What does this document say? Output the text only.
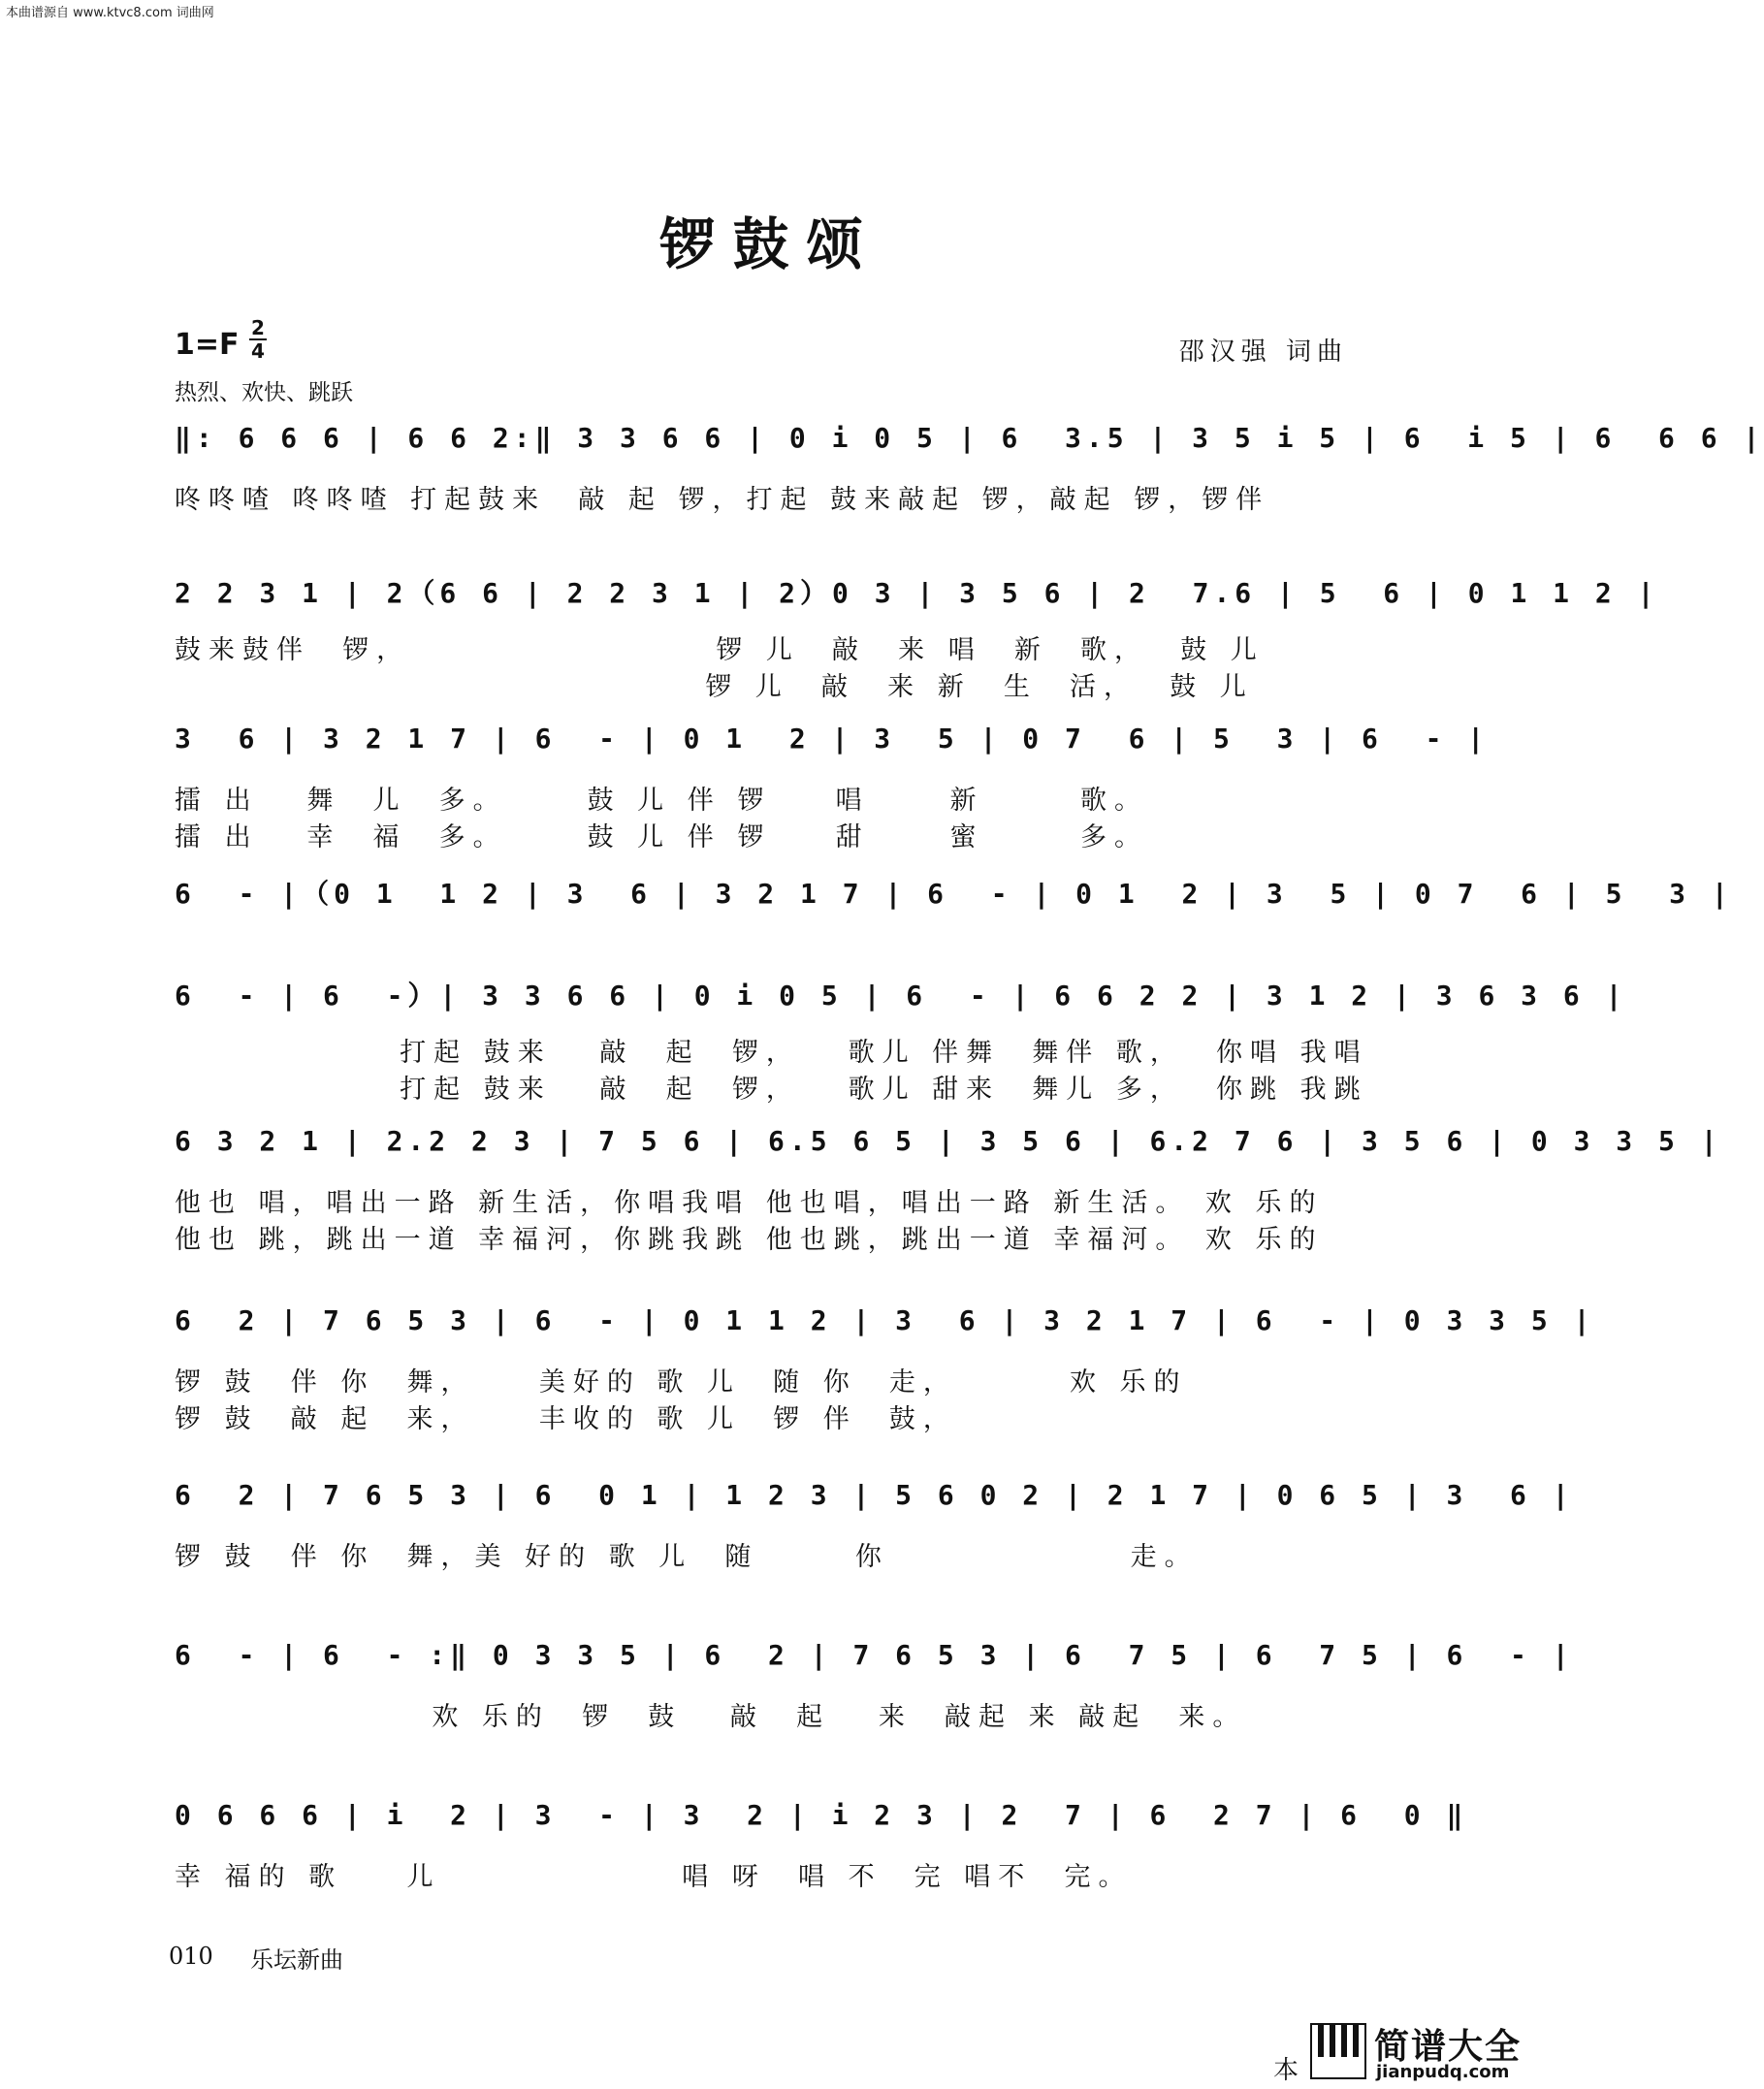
本曲谱源自 www.ktvc8.com 词曲网
锣鼓颂
1=F 2
4
热烈、欢快、跳跃
邵汉强 词曲
‖: 6 6 6 | 6 6 2:‖ 3 3 6 6 | 0 i 0 5 | 6  3.5 | 3 5 i 5 | 6  i 5 | 6  6 6 |
咚咚喳 咚咚喳 打起鼓来  敲 起 锣，打起 鼓来敲起 锣，敲起 锣，锣伴
2 2 3 1 | 2（6 6 | 2 2 3 1 | 2）0 3 | 3 5 6 | 2  7.6 | 5  6 | 0 1 1 2 |
鼓来鼓伴  锣，                   锣 儿  敲  来 唱  新  歌，  鼓 儿
锣 儿  敲  来 新  生  活，  鼓 儿
3  6 | 3 2 1 7 | 6  - | 0 1  2 | 3  5 | 0 7  6 | 5  3 | 6  - |
擂 出   舞  儿  多。     鼓 儿 伴 锣    唱     新      歌。
擂 出   幸  福  多。     鼓 儿 伴 锣    甜     蜜      多。
6  - |（0 1  1 2 | 3  6 | 3 2 1 7 | 6  - | 0 1  2 | 3  5 | 0 7  6 | 5  3 |
6  - | 6  -）| 3 3 6 6 | 0 i 0 5 | 6  - | 6 6 2 2 | 3 1 2 | 3 6 3 6 |
打起 鼓来   敲  起  锣，   歌儿 伴舞  舞伴 歌，  你唱 我唱
打起 鼓来   敲  起  锣，   歌儿 甜来  舞儿 多，  你跳 我跳
6 3 2 1 | 2.2 2 3 | 7 5 6 | 6.5 6 5 | 3 5 6 | 6.2 7 6 | 3 5 6 | 0 3 3 5 |
他也 唱，唱出一路 新生活，你唱我唱 他也唱，唱出一路 新生活。 欢 乐的
他也 跳，跳出一道 幸福河，你跳我跳 他也跳，跳出一道 幸福河。 欢 乐的
6  2 | 7 6 5 3 | 6  - | 0 1 1 2 | 3  6 | 3 2 1 7 | 6  - | 0 3 3 5 |
锣 鼓  伴 你  舞，    美好的 歌 儿  随 你  走，       欢 乐的
锣 鼓  敲 起  来，    丰收的 歌 儿  锣 伴  鼓，
6  2 | 7 6 5 3 | 6  0 1 | 1 2 3 | 5 6 0 2 | 2 1 7 | 0 6 5 | 3  6 |
锣 鼓  伴 你  舞，美 好的 歌 儿  随      你               走。
6  - | 6  - :‖ 0 3 3 5 | 6  2 | 7 6 5 3 | 6  7 5 | 6  7 5 | 6  - |
欢 乐的  锣  鼓   敲  起   来  敲起 来 敲起  来。
0 6 6 6 | i  2 | 3  - | 3  2 | i 2 3 | 2  7 | 6  2 7 | 6  0 ‖
幸 福的 歌    儿               唱 呀  唱 不  完 唱不  完。
010 乐坛新曲
本
简谱大全
jianpudq.com
